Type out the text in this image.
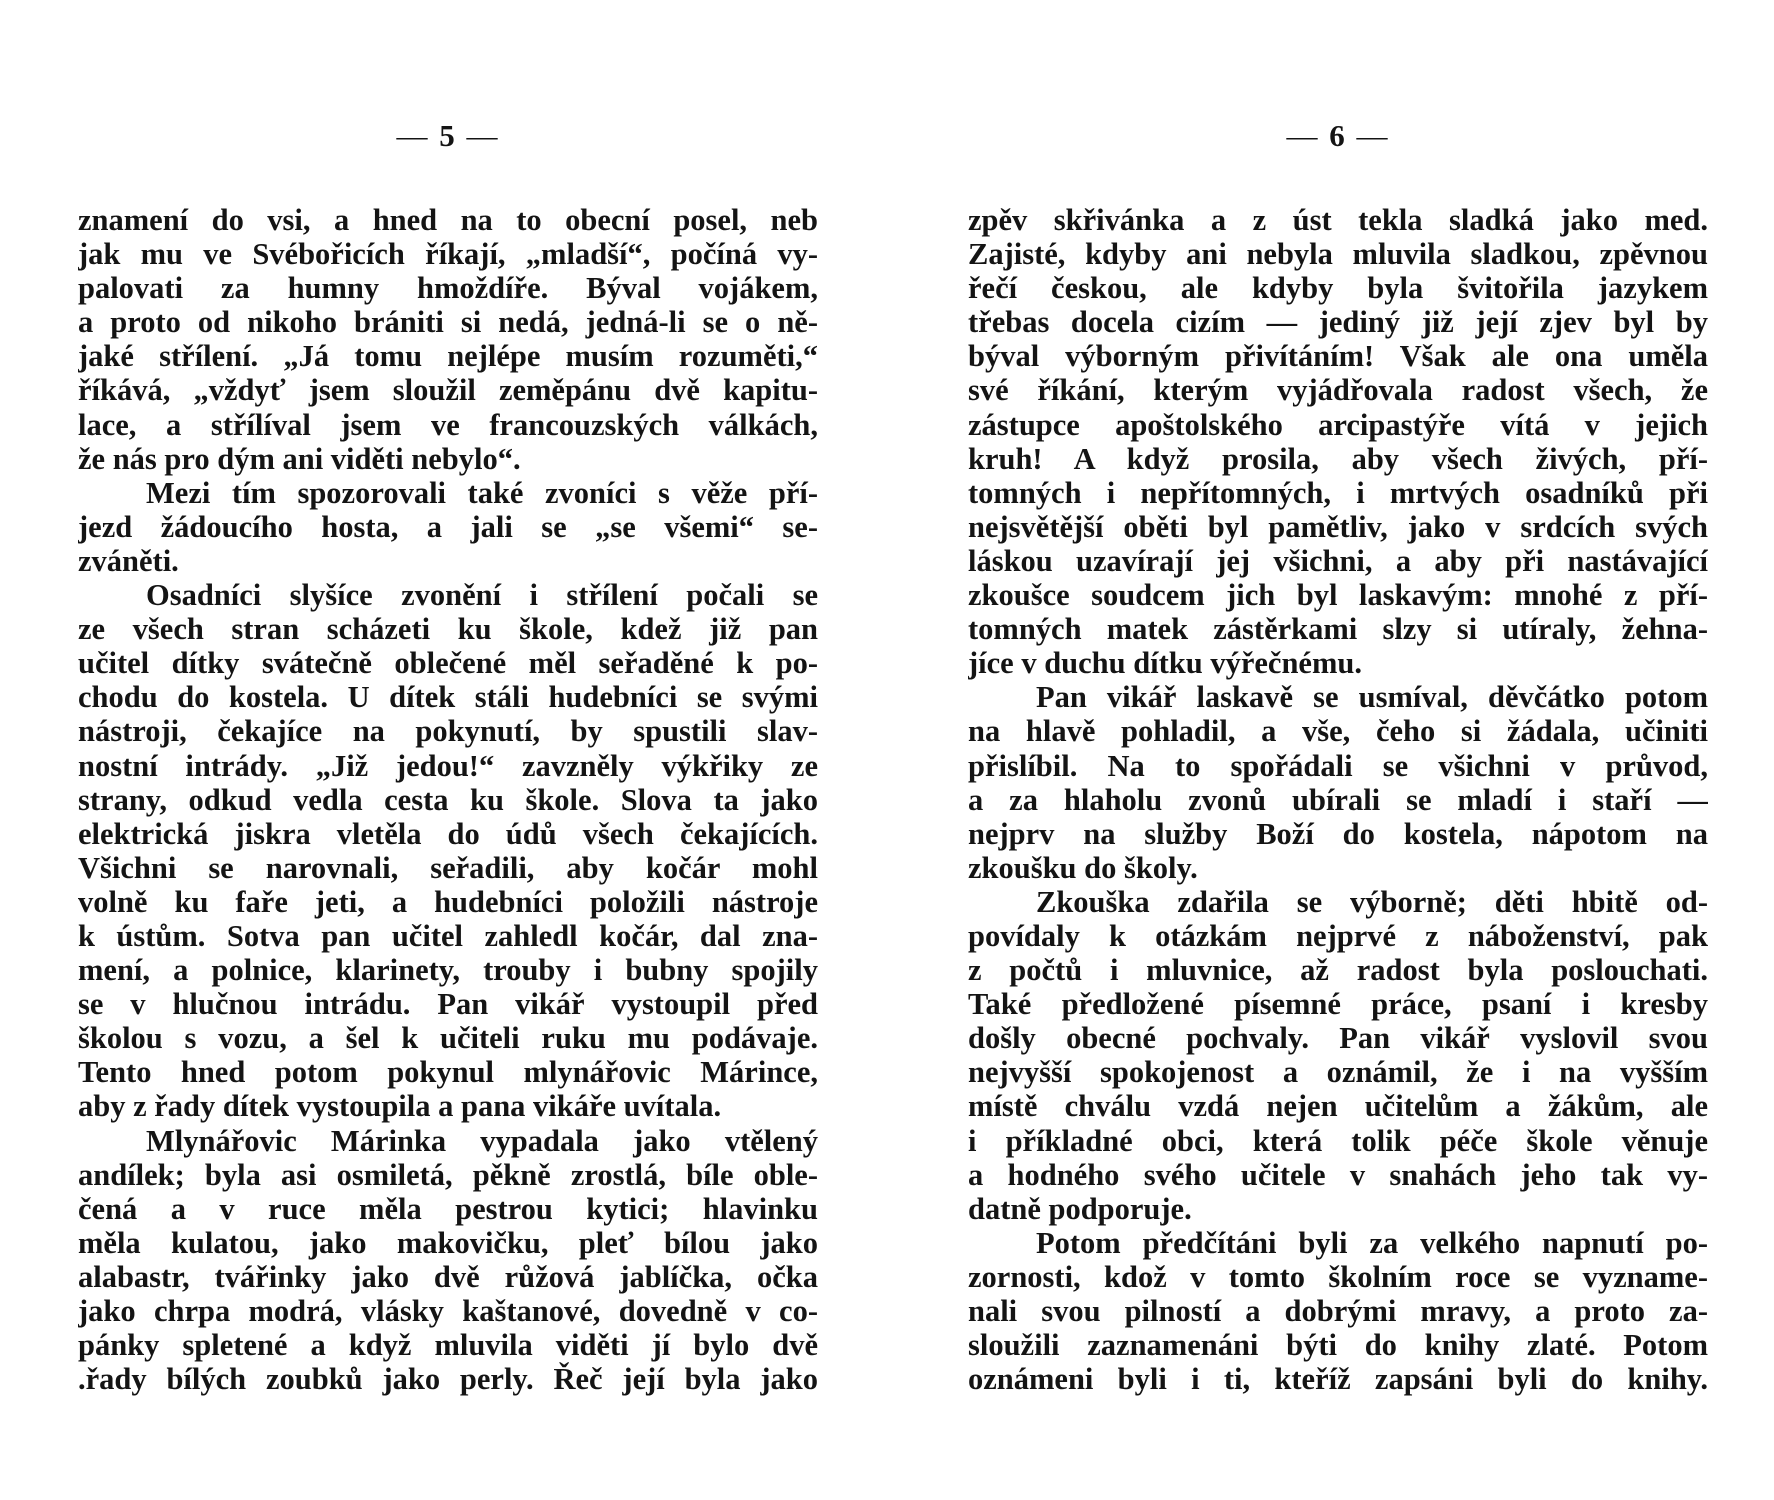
— 5 —
znamení do vsi, a hned na to obecní posel, neb
jak mu ve Svébořicích říkají, „mladší“, počíná vy-
palovati za humny hmoždíře. Býval vojákem,
a proto od nikoho brániti si nedá, jedná-li se o ně-
jaké střílení. „Já tomu nejlépe musím rozuměti,“
říkává, „vždyť jsem sloužil zeměpánu dvě kapitu-
lace, a střílíval jsem ve francouzských válkách,
že nás pro dým ani viděti nebylo“.
Mezi tím spozorovali také zvoníci s věže pří-
jezd žádoucího hosta, a jali se „se všemi“ se-
zváněti.
Osadníci slyšíce zvonění i střílení počali se
ze všech stran scházeti ku škole, kdež již pan
učitel dítky svátečně oblečené měl seřaděné k po-
chodu do kostela. U dítek stáli hudebníci se svými
nástroji, čekajíce na pokynutí, by spustili slav-
nostní intrády. „Již jedou!“ zavzněly výkřiky ze
strany, odkud vedla cesta ku škole. Slova ta jako
elektrická jiskra vletěla do údů všech čekajících.
Všichni se narovnali, seřadili, aby kočár mohl
volně ku faře jeti, a hudebníci položili nástroje
k ústům. Sotva pan učitel zahledl kočár, dal zna-
mení, a polnice, klarinety, trouby i bubny spojily
se v hlučnou intrádu. Pan vikář vystoupil před
školou s vozu, a šel k učiteli ruku mu podávaje.
Tento hned potom pokynul mlynářovic Márince,
aby z řady dítek vystoupila a pana vikáře uvítala.
Mlynářovic Márinka vypadala jako vtělený
andílek; byla asi osmiletá, pěkně zrostlá, bíle oble-
čená a v ruce měla pestrou kytici; hlavinku
měla kulatou, jako makovičku, pleť bílou jako
alabastr, tvářinky jako dvě růžová jablíčka, očka
jako chrpa modrá, vlásky kaštanové, dovedně v co-
pánky spletené a když mluvila viděti jí bylo dvě
.řady bílých zoubků jako perly. Řeč její byla jako
— 6 —
zpěv skřivánka a z úst tekla sladká jako med.
Zajisté, kdyby ani nebyla mluvila sladkou, zpěvnou
řečí českou, ale kdyby byla švitořila jazykem
třebas docela cizím — jediný již její zjev byl by
býval výborným přivítáním! Však ale ona uměla
své říkání, kterým vyjádřovala radost všech, že
zástupce apoštolského arcipastýře vítá v jejich
kruh! A když prosila, aby všech živých, pří-
tomných i nepřítomných, i mrtvých osadníků při
nejsvětější oběti byl pamětliv, jako v srdcích svých
láskou uzavírají jej všichni, a aby při nastávající
zkoušce soudcem jich byl laskavým: mnohé z pří-
tomných matek zástěrkami slzy si utíraly, žehna-
jíce v duchu dítku výřečnému.
Pan vikář laskavě se usmíval, děvčátko potom
na hlavě pohladil, a vše, čeho si žádala, učiniti
přislíbil. Na to spořádali se všichni v průvod,
a za hlaholu zvonů ubírali se mladí i staří —
nejprv na služby Boží do kostela, nápotom na
zkoušku do školy.
Zkouška zdařila se výborně; děti hbitě od-
povídaly k otázkám nejprvé z náboženství, pak
z počtů i mluvnice, až radost byla poslouchati.
Také předložené písemné práce, psaní i kresby
došly obecné pochvaly. Pan vikář vyslovil svou
nejvyšší spokojenost a oznámil, že i na vyšším
místě chválu vzdá nejen učitelům a žákům, ale
i příkladné obci, která tolik péče škole věnuje
a hodného svého učitele v snahách jeho tak vy-
datně podporuje.
Potom předčítáni byli za velkého napnutí po-
zornosti, kdož v tomto školním roce se vyzname-
nali svou pilností a dobrými mravy, a proto za-
sloužili zaznamenáni býti do knihy zlaté. Potom
oznámeni byli i ti, kteříž zapsáni byli do knihy.
